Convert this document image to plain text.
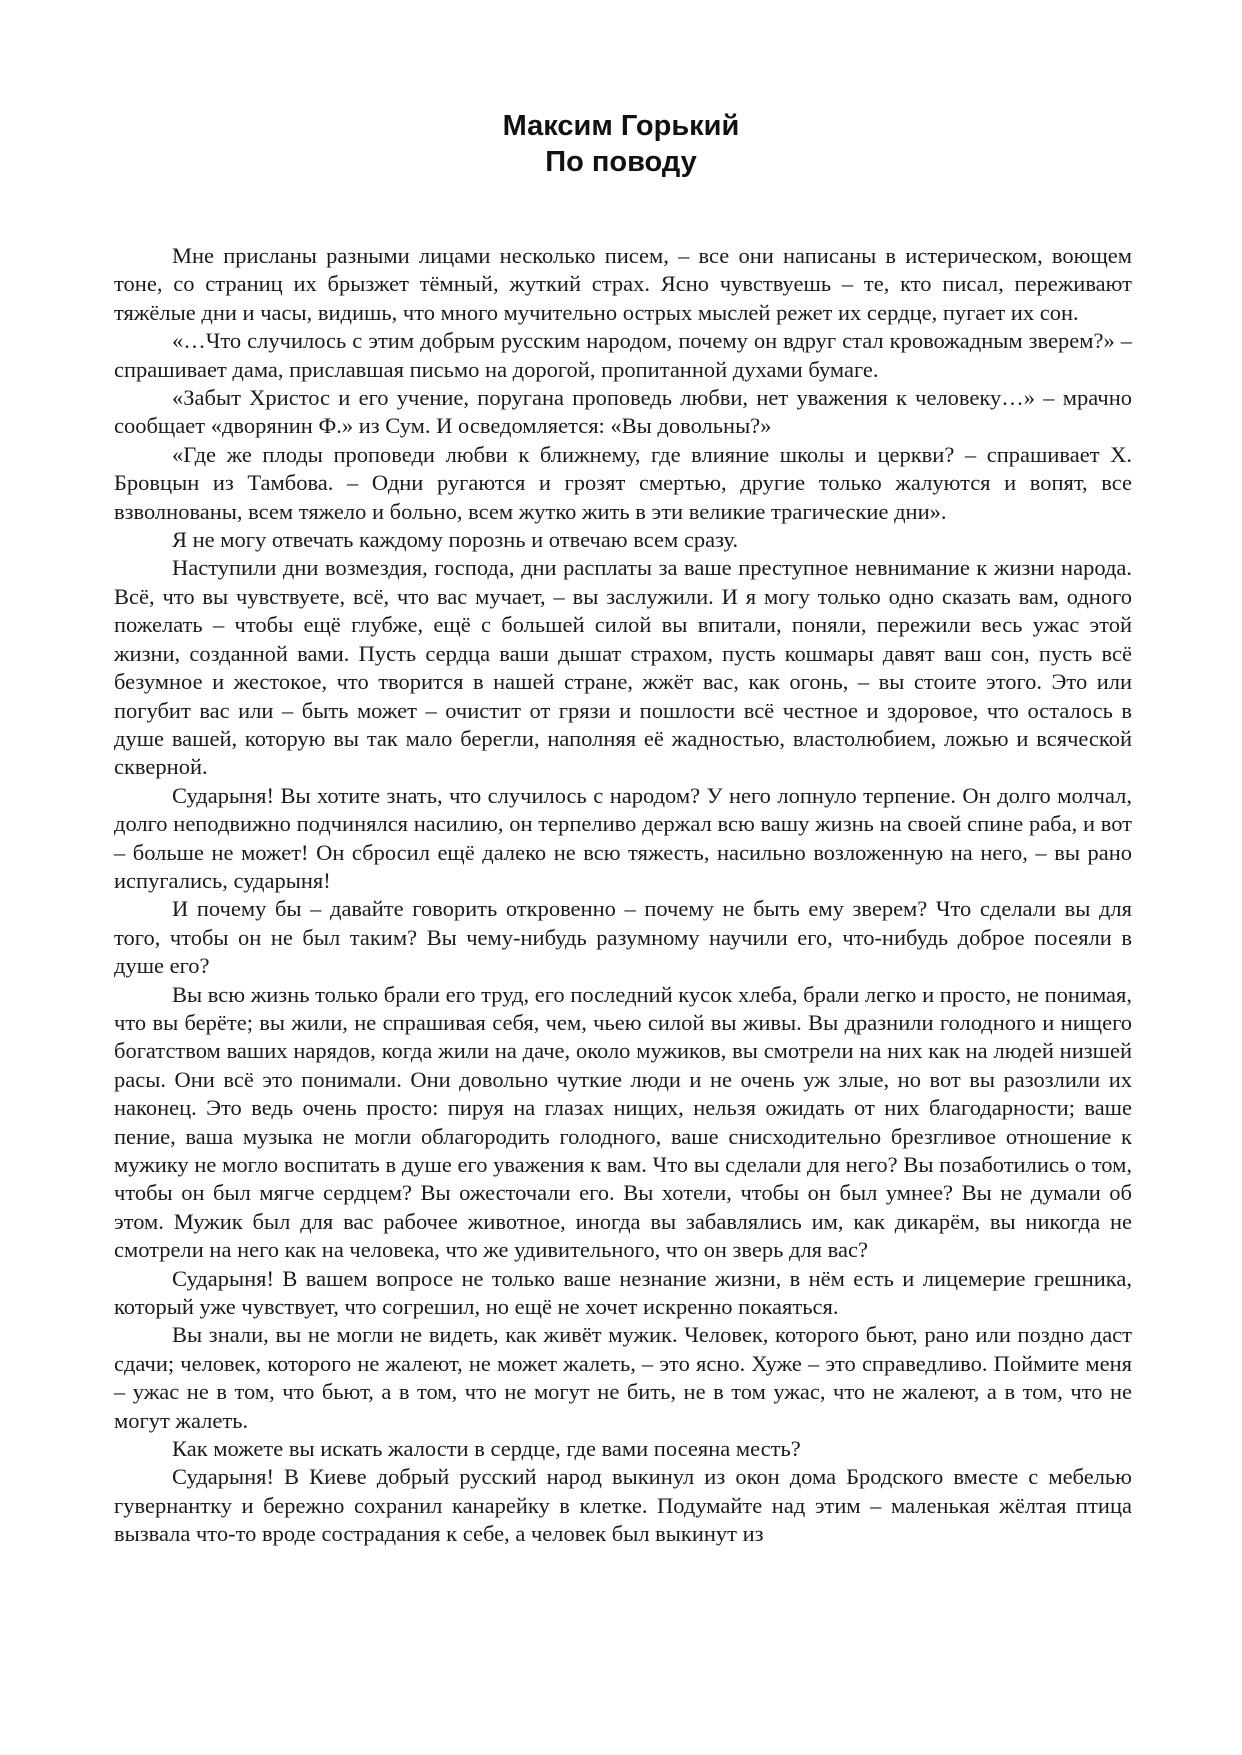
Максим Горький
По поводу

Мне присланы разными лицами несколько писем, – все они написаны в истерическом, воющем тоне, со страниц их брызжет тёмный, жуткий страх. Ясно чувствуешь – те, кто писал, переживают тяжёлые дни и часы, видишь, что много мучительно острых мыслей режет их сердце, пугает их сон.

«…Что случилось с этим добрым русским народом, почему он вдруг стал кровожадным зверем?» – спрашивает дама, приславшая письмо на дорогой, пропитанной духами бумаге.

«Забыт Христос и его учение, поругана проповедь любви, нет уважения к человеку…» – мрачно сообщает «дворянин Ф.» из Сум. И осведомляется: «Вы довольны?»

«Где же плоды проповеди любви к ближнему, где влияние школы и церкви? – спрашивает Х. Бровцын из Тамбова. – Одни ругаются и грозят смертью, другие только жалуются и вопят, все взволнованы, всем тяжело и больно, всем жутко жить в эти великие трагические дни».

Я не могу отвечать каждому порознь и отвечаю всем сразу.

Наступили дни возмездия, господа, дни расплаты за ваше преступное невнимание к жизни народа. Всё, что вы чувствуете, всё, что вас мучает, – вы заслужили. И я могу только одно сказать вам, одного пожелать – чтобы ещё глубже, ещё с большей силой вы впитали, поняли, пережили весь ужас этой жизни, созданной вами. Пусть сердца ваши дышат страхом, пусть кошмары давят ваш сон, пусть всё безумное и жестокое, что творится в нашей стране, жжёт вас, как огонь, – вы стоите этого. Это или погубит вас или – быть может – очистит от грязи и пошлости всё честное и здоровое, что осталось в душе вашей, которую вы так мало берегли, наполняя её жадностью, властолюбием, ложью и всяческой скверной.

Сударыня! Вы хотите знать, что случилось с народом? У него лопнуло терпение. Он долго молчал, долго неподвижно подчинялся насилию, он терпеливо держал всю вашу жизнь на своей спине раба, и вот – больше не может! Он сбросил ещё далеко не всю тяжесть, насильно возложенную на него, – вы рано испугались, сударыня!

И почему бы – давайте говорить откровенно – почему не быть ему зверем? Что сделали вы для того, чтобы он не был таким? Вы чему-нибудь разумному научили его, что-нибудь доброе посеяли в душе его?

Вы всю жизнь только брали его труд, его последний кусок хлеба, брали легко и просто, не понимая, что вы берёте; вы жили, не спрашивая себя, чем, чьею силой вы живы. Вы дразнили голодного и нищего богатством ваших нарядов, когда жили на даче, около мужиков, вы смотрели на них как на людей низшей расы. Они всё это понимали. Они довольно чуткие люди и не очень уж злые, но вот вы разозлили их наконец. Это ведь очень просто: пируя на глазах нищих, нельзя ожидать от них благодарности; ваше пение, ваша музыка не могли облагородить голодного, ваше снисходительно брезгливое отношение к мужику не могло воспитать в душе его уважения к вам. Что вы сделали для него? Вы позаботились о том, чтобы он был мягче сердцем? Вы ожесточали его. Вы хотели, чтобы он был умнее? Вы не думали об этом. Мужик был для вас рабочее животное, иногда вы забавлялись им, как дикарём, вы никогда не смотрели на него как на человека, что же удивительного, что он зверь для вас?

Сударыня! В вашем вопросе не только ваше незнание жизни, в нём есть и лицемерие грешника, который уже чувствует, что согрешил, но ещё не хочет искренно покаяться.

Вы знали, вы не могли не видеть, как живёт мужик. Человек, которого бьют, рано или поздно даст сдачи; человек, которого не жалеют, не может жалеть, – это ясно. Хуже – это справедливо. Поймите меня – ужас не в том, что бьют, а в том, что не могут не бить, не в том ужас, что не жалеют, а в том, что не могут жалеть.

Как можете вы искать жалости в сердце, где вами посеяна месть?

Сударыня! В Киеве добрый русский народ выкинул из окон дома Бродского вместе с мебелью гувернантку и бережно сохранил канарейку в клетке. Подумайте над этим – маленькая жёлтая птица вызвала что-то вроде сострадания к себе, а человек был выкинут из
